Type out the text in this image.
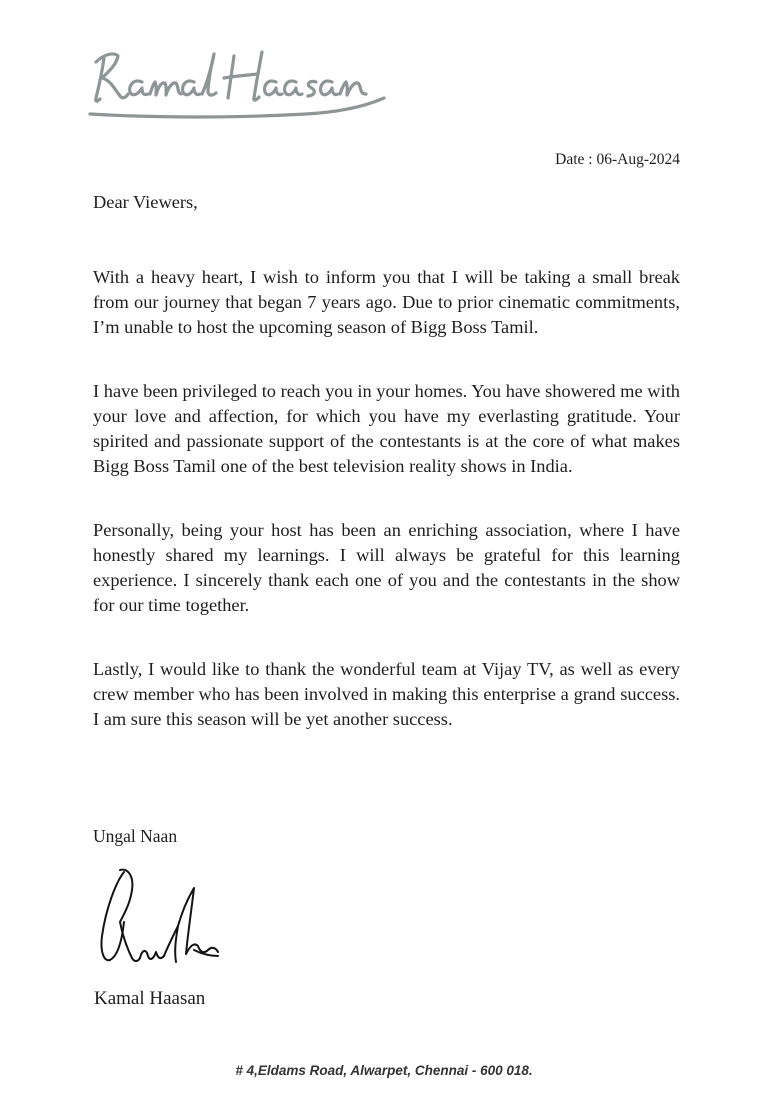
Date : 06-Aug-2024

Dear Viewers,

With a heavy heart, I wish to inform you that I will be taking a small break from our journey that began 7 years ago. Due to prior cinematic commitments, I’m unable to host the upcoming season of Bigg Boss Tamil.

I have been privileged to reach you in your homes. You have showered me with your love and affection, for which you have my everlasting gratitude. Your spirited and passionate support of the contestants is at the core of what makes Bigg Boss Tamil one of the best television reality shows in India.

Personally, being your host has been an enriching association, where I have honestly shared my learnings. I will always be grateful for this learning experience. I sincerely thank each one of you and the contestants in the show for our time together.

Lastly, I would like to thank the wonderful team at Vijay TV, as well as every crew member who has been involved in making this enterprise a grand success. I am sure this season will be yet another success.

Ungal Naan
Kamal Haasan
# 4,Eldams Road, Alwarpet, Chennai - 600 018.
